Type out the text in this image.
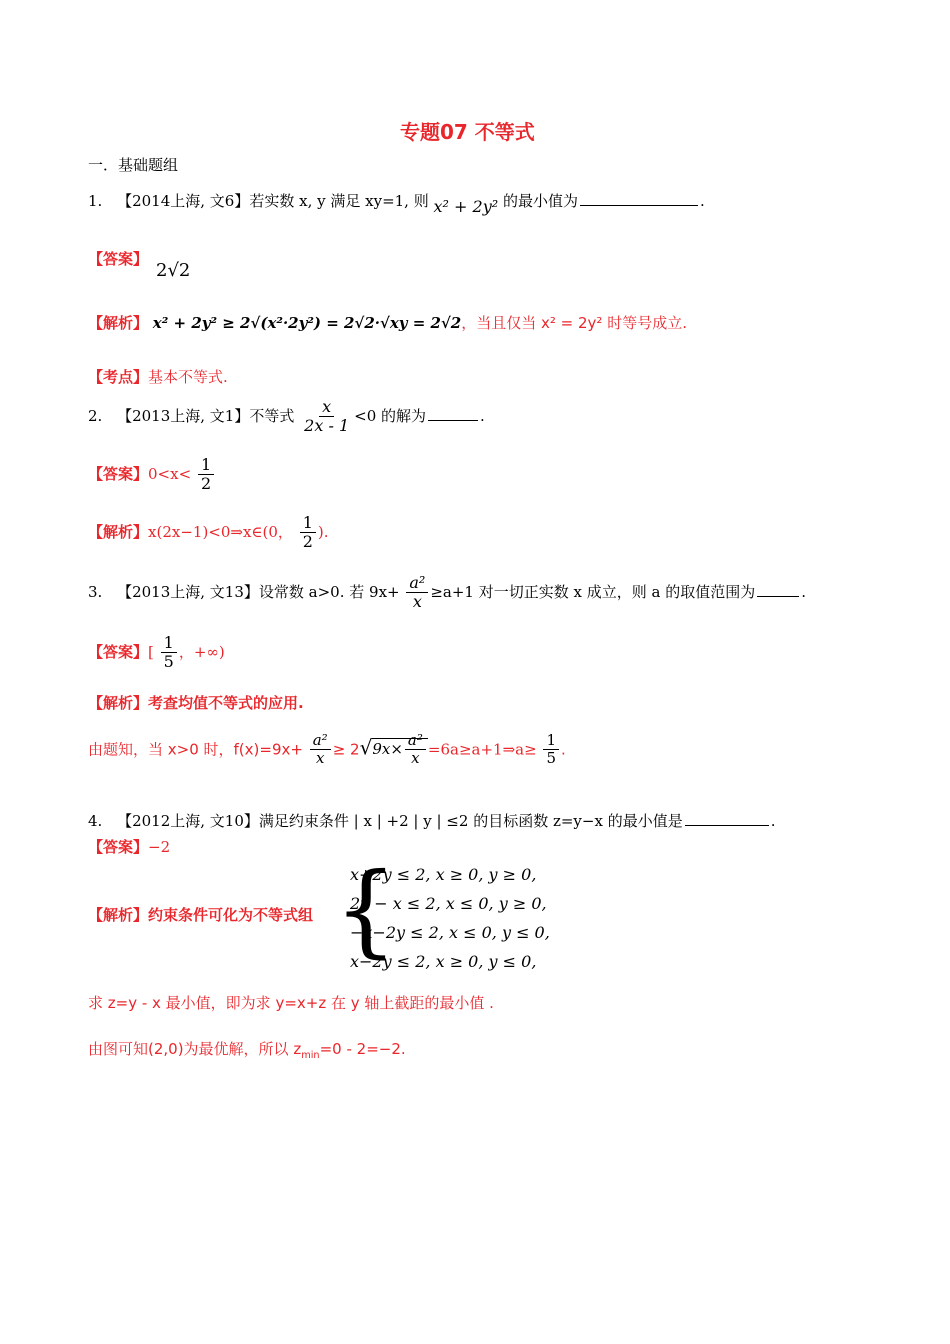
专题07 不等式
一．基础题组
1. 【2014上海, 文6】若实数 x, y 满足 xy=1, 则 x² + 2y² 的最小值为	.
【答案】
2√2
【解析】 x² + 2y² ≥ 2√(x²·2y²) = 2√2·√xy = 2√2，当且仅当 x² = 2y² 时等号成立.
【考点】基本不等式.
2. 【2013上海, 文1】不等式 $\frac{x}{2x - 1} <0$ 的解为	.
【答案】$0<x< \frac{1}{2}$
【解析】x(2x−1)<0⇒x∈(0， $\frac{1}{2}$ ).
3. 【2013上海, 文13】设常数 a>0. 若 $9x+ \frac{\text{a²}}{x} \ge a+1$ 对一切正实数 x 成立，则 a 的取值范围为	.
【答案】[ $\frac{1}{5}$ ，+∞)
【解析】考查均值不等式的应用.
由题知，当 x>0 时，$f(x)=9x+ \frac{\text{a²}}{x} \ge 2√9x\times \frac{\text{a²}}{x}$ =6a≥a+1⇒a≥ $\frac{1}{5}$ .
4. 【2012上海, 文10】满足约束条件 | x | +2 | y | ≤2 的目标函数 z=y−x 的最小值是	.
【答案】−2
【解析】约束条件可化为不等式组 {
x+2y ≤ 2, x ≥ 0, y ≥ 0,
2y − x ≤ 2, x ≤ 0, y ≥ 0,
−x−2y ≤ 2, x ≤ 0, y ≤ 0,
x−2y ≤ 2, x ≥ 0, y ≤ 0,
求 z=y - x 最小值，即为求 y=x+z 在 y 轴上截距的最小值 .
由图可知(2,0)为最优解，所以 $z_{min}=0 - 2=-2$.
